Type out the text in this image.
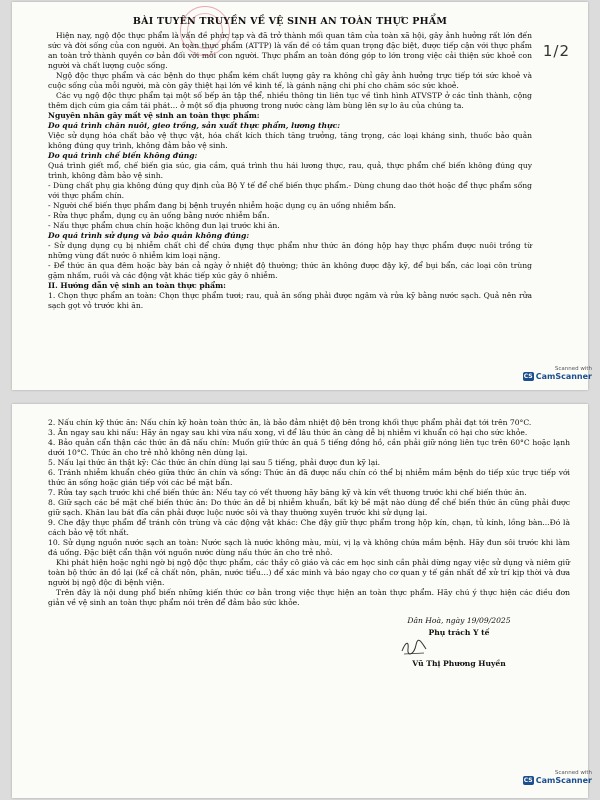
1/2
BÀI TUYÊN TRUYỀN VỀ VỆ SINH AN TOÀN THỰC PHẨM

Hiện nay, ngộ độc thực phẩm là vấn đề phức tạp và đã trở thành mối quan tâm của toàn xã hội, gây ảnh hưởng rất lớn đến sức và đời sống của con người. An toàn thực phẩm (ATTP) là vấn đề có tầm quan trọng đặc biệt, được tiếp cận với thực phẩm an toàn trở thành quyền cơ bản đối với mỗi con người. Thực phẩm an toàn đóng góp to lớn trong việc cải thiện sức khoẻ con người và chất lượng cuộc sống.

Ngộ độc thực phẩm và các bệnh do thực phẩm kém chất lượng gây ra không chỉ gây ảnh hưởng trực tiếp tới sức khoẻ và cuộc sống của mỗi người, mà còn gây thiệt hại lớn về kinh tế, là gánh nặng chi phí cho chăm sóc sức khoẻ.

Các vụ ngộ độc thực phẩm tại một số bếp ăn tập thể, nhiều thông tin liên tục về tình hình ATVSTP ở các tỉnh thành, cộng thêm dịch cúm gia cầm tái phát… ở một số địa phương trong nước càng làm bùng lên sự lo âu của chúng ta.

Nguyên nhân gây mất vệ sinh an toàn thực phẩm:

Do quá trình chăn nuôi, gieo trồng, sản xuất thực phẩm, lương thực:

Việc sử dụng hóa chất bảo vệ thực vật, hóa chất kích thích tăng trưởng, tăng trọng, các loại kháng sinh, thuốc bảo quản không đúng quy trình, không đảm bảo vệ sinh.

Do quá trình chế biến không đúng:

Quá trình giết mổ, chế biến gia súc, gia cầm, quá trình thu hái lương thực, rau, quả, thực phẩm chế biến không đúng quy trình, không đảm bảo vệ sinh.

- Dùng chất phụ gia không đúng quy định của Bộ Y tế để chế biến thực phẩm.- Dùng chung dao thớt hoặc để thực phẩm sống với thực phẩm chín.

- Người chế biến thực phẩm đang bị bệnh truyền nhiễm hoặc dụng cụ ăn uống nhiễm bẩn.

- Rửa thực phẩm, dụng cụ ăn uống bằng nước nhiễm bẩn.

- Nấu thực phẩm chưa chín hoặc không đun lại trước khi ăn.

Do quá trình sử dụng và bảo quản không đúng:

- Sử dụng dụng cụ bị nhiễm chất chì để chứa đựng thực phẩm như thức ăn đóng hộp hay thực phẩm được nuôi trồng từ những vùng đất nước ô nhiễm kim loại nặng.

- Để thức ăn qua đêm hoặc bày bán cả ngày ở nhiệt độ thường; thức ăn không được đậy kỹ, để bụi bẩn, các loại côn trùng gặm nhấm, ruồi và các động vật khác tiếp xúc gây ô nhiễm.

II. Hướng dẫn vệ sinh an toàn thực phẩm:

1. Chọn thực phẩm an toàn: Chọn thực phẩm tươi; rau, quả ăn sống phải được ngâm và rửa kỹ bằng nước sạch. Quả nên rửa sạch gọt vỏ trước khi ăn.

Scanned with
CS CamScanner

2. Nấu chín kỹ thức ăn: Nấu chín kỹ hoàn toàn thức ăn, là bảo đảm nhiệt độ bên trong khối thực phẩm phải đạt tới trên 70°C.

3. Ăn ngay sau khi nấu: Hãy ăn ngay sau khi vừa nấu xong, vì để lâu thức ăn càng dễ bị nhiễm vi khuẩn có hại cho sức khỏe.

4. Bảo quản cẩn thận các thức ăn đã nấu chín: Muốn giữ thức ăn quá 5 tiếng đồng hồ, cần phải giữ nóng liên tục trên 60°C hoặc lạnh dưới 10°C. Thức ăn cho trẻ nhỏ không nên dùng lại.

5. Nấu lại thức ăn thật kỹ: Các thức ăn chín dùng lại sau 5 tiếng, phải được đun kỹ lại.

6. Tránh nhiễm khuẩn chéo giữa thức ăn chín và sống: Thức ăn đã được nấu chín có thể bị nhiễm mầm bệnh do tiếp xúc trực tiếp với thức ăn sống hoặc gián tiếp với các bề mặt bẩn.

7. Rửa tay sạch trước khi chế biến thức ăn: Nếu tay có vết thương hãy băng kỹ và kín vết thương trước khi chế biến thức ăn.

8. Giữ sạch các bề mặt chế biến thức ăn: Do thức ăn dễ bị nhiễm khuẩn, bất kỳ bề mặt nào dùng để chế biến thức ăn cũng phải được giữ sạch. Khăn lau bát đĩa cần phải được luộc nước sôi và thay thường xuyên trước khi sử dụng lại.

9. Che đậy thực phẩm để tránh côn trùng và các động vật khác: Che đậy giữ thực phẩm trong hộp kín, chạn, tủ kính, lồng bàn...Đó là cách bảo vệ tốt nhất.

10. Sử dụng nguồn nước sạch an toàn: Nước sạch là nước không màu, mùi, vị lạ và không chứa mầm bệnh. Hãy đun sôi trước khi làm đá uống. Đặc biệt cẩn thận với nguồn nước dùng nấu thức ăn cho trẻ nhỏ.

Khi phát hiện hoặc nghi ngờ bị ngộ độc thực phẩm, các thầy cô giáo và các em học sinh cần phải dừng ngay việc sử dụng và niêm giữ toàn bộ thức ăn đồ lại (kể cả chất nôn, phân, nước tiểu…) để xác minh và báo ngay cho cơ quan y tế gần nhất để xử trí kịp thời và đưa người bị ngộ độc đi bệnh viện.

Trên đây là nội dung phổ biến những kiến thức cơ bản trong việc thực hiện an toàn thực phẩm. Hãy chú ý thực hiện các điều đơn giản về vệ sinh an toàn thực phẩm nói trên để đảm bảo sức khỏe.

Dân Hoà, ngày 19/09/2025
Phụ trách Y tế
Vũ Thị Phương Huyền
Scanned with
CS CamScanner
